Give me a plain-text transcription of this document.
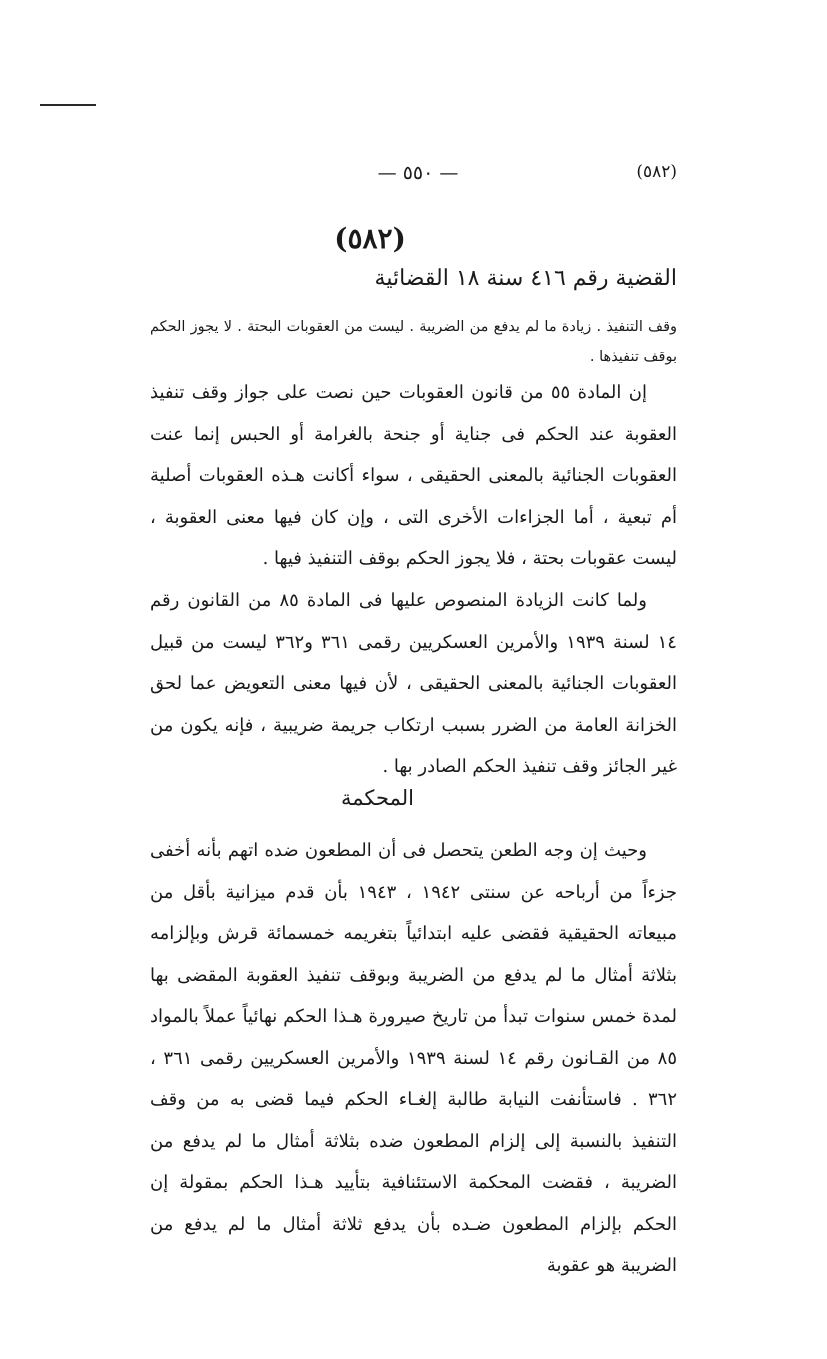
— ٥٥٠ —	(٥٨٢)
(٥٨٢)
القضية رقم ٤١٦ سنة ١٨ القضائية
وقف التنفيذ . زيادة ما لم يدفع من الضريبة . ليست من العقوبات البحتة . لا يجوز الحكم بوقف تنفيذها .
إن المادة ٥٥ من قانون العقوبات حين نصت على جواز وقف تنفيذ العقوبة عند الحكم فى جناية أو جنحة بالغرامة أو الحبس إنما عنت العقوبات الجنائية بالمعنى الحقيقى ، سواء أكانت هـذه العقوبات أصلية أم تبعية ، أما الجزاءات الأخرى التى ، وإن كان فيها معنى العقوبة ، ليست عقوبات بحتة ، فلا يجوز الحكم بوقف التنفيذ فيها .
ولما كانت الزيادة المنصوص عليها فى المادة ٨٥ من القانون رقم ١٤ لسنة ١٩٣٩ والأمرين العسكريين رقمى ٣٦١ و٣٦٢ ليست من قبيل العقوبات الجنائية بالمعنى الحقيقى ، لأن فيها معنى التعويض عما لحق الخزانة العامة من الضرر بسبب ارتكاب جريمة ضريبية ، فإنه يكون من غير الجائز وقف تنفيذ الحكم الصادر بها .
المحكمة
وحيث إن وجه الطعن يتحصل فى أن المطعون ضده اتهم بأنه أخفى جزءاً من أرباحه عن سنتى ١٩٤٢ ، ١٩٤٣ بأن قدم ميزانية بأقل من مبيعاته الحقيقية فقضى عليه ابتدائياً بتغريمه خمسمائة قرش وبإلزامه بثلاثة أمثال ما لم يدفع من الضريبة وبوقف تنفيذ العقوبة المقضى بها لمدة خمس سنوات تبدأ من تاريخ صيرورة هـذا الحكم نهائياً عملاً بالمواد ٨٥ من القـانون رقم ١٤ لسنة ١٩٣٩ والأمرين العسكريين رقمى ٣٦١ ، ٣٦٢ . فاستأنفت النيابة طالبة إلغـاء الحكم فيما قضى به من وقف التنفيذ بالنسبة إلى إلزام المطعون ضده بثلاثة أمثال ما لم يدفع من الضريبة ، فقضت المحكمة الاستئنافية بتأييد هـذا الحكم بمقولة إن الحكم بإلزام المطعون ضـده بأن يدفع ثلاثة أمثال ما لم يدفع من الضريبة هو عقوبة
